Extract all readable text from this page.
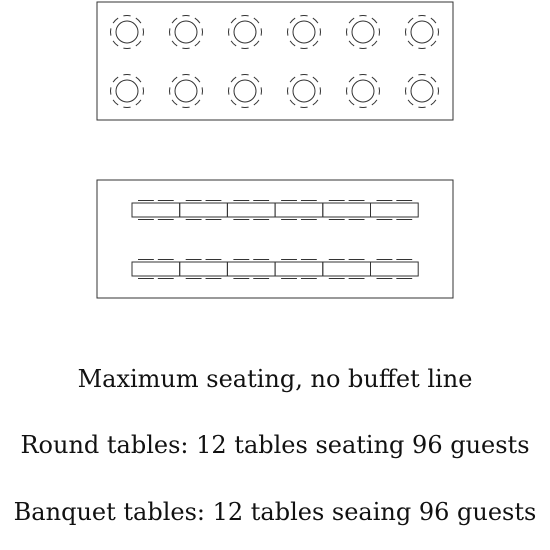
Maximum seating, no buffet line
Round tables: 12 tables seating 96 guests
Banquet tables: 12 tables seaing 96 guests
